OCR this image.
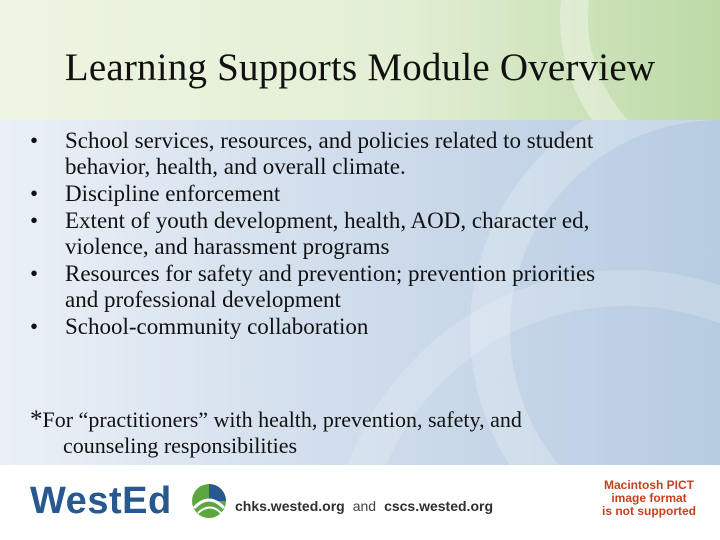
Learning Supports Module Overview
•	School services, resources, and policies related to student
behavior, health, and overall climate.
•	Discipline enforcement
•	Extent of youth development, health, AOD, character ed,
violence, and harassment programs
•	Resources for safety and prevention; prevention priorities
and professional development
•	School-community collaboration
*For “practitioners” with health, prevention, safety, and
counseling responsibilities
WestEd	chks.wested.org and cscs.wested.org
Macintosh PICT
image format
is not supported
